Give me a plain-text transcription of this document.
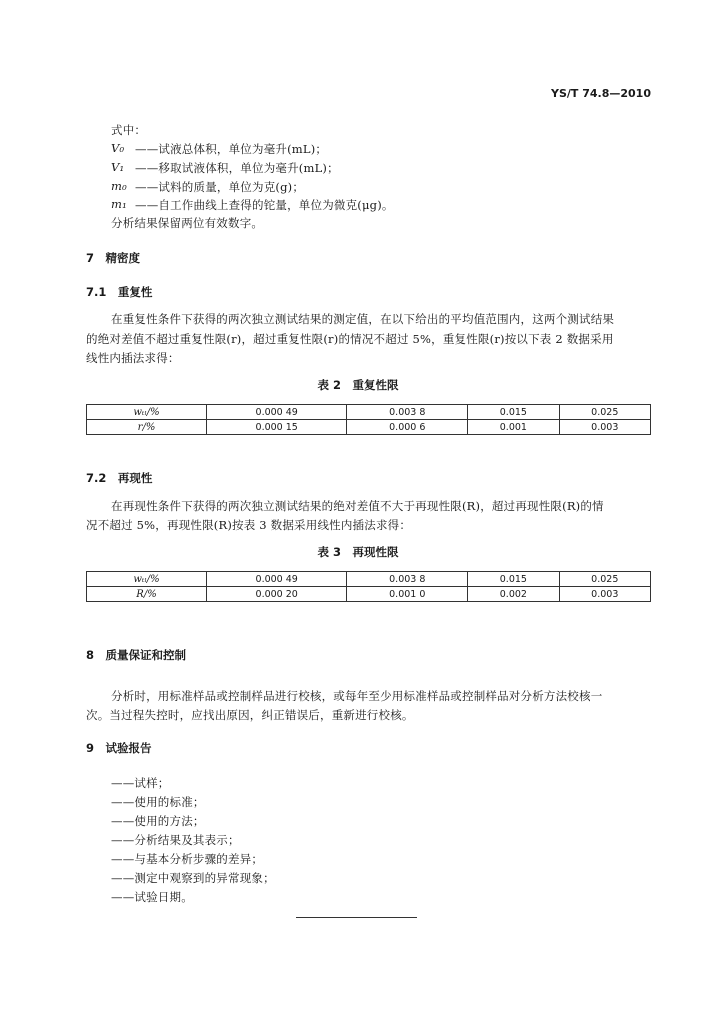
YS/T 74.8—2010
式中：
V₀ ——试液总体积，单位为毫升(mL)；
V₁ ——移取试液体积，单位为毫升(mL)；
m₀ ——试料的质量，单位为克(g)；
m₁ ——自工作曲线上查得的铊量，单位为微克(μg)。
分析结果保留两位有效数字。
7　精密度
7.1　重复性
在重复性条件下获得的两次独立测试结果的测定值，在以下给出的平均值范围内，这两个测试结果
的绝对差值不超过重复性限(r)，超过重复性限(r)的情况不超过 5%，重复性限(r)按以下表 2 数据采用
线性内插法求得：
表 2　重复性限
wₜₗ/%	0.000 49	0.003 8	0.015	0.025
r/%	0.000 15	0.000 6	0.001	0.003
7.2　再现性
在再现性条件下获得的两次独立测试结果的绝对差值不大于再现性限(R)，超过再现性限(R)的情
况不超过 5%，再现性限(R)按表 3 数据采用线性内插法求得：
表 3　再现性限
wₜₗ/%	0.000 49	0.003 8	0.015	0.025
R/%	0.000 20	0.001 0	0.002	0.003
8　质量保证和控制
分析时，用标准样品或控制样品进行校核，或每年至少用标准样品或控制样品对分析方法校核一
次。当过程失控时，应找出原因，纠正错误后，重新进行校核。
9　试验报告
——试样；
——使用的标准；
——使用的方法；
——分析结果及其表示；
——与基本分析步骤的差异；
——测定中观察到的异常现象；
——试验日期。
